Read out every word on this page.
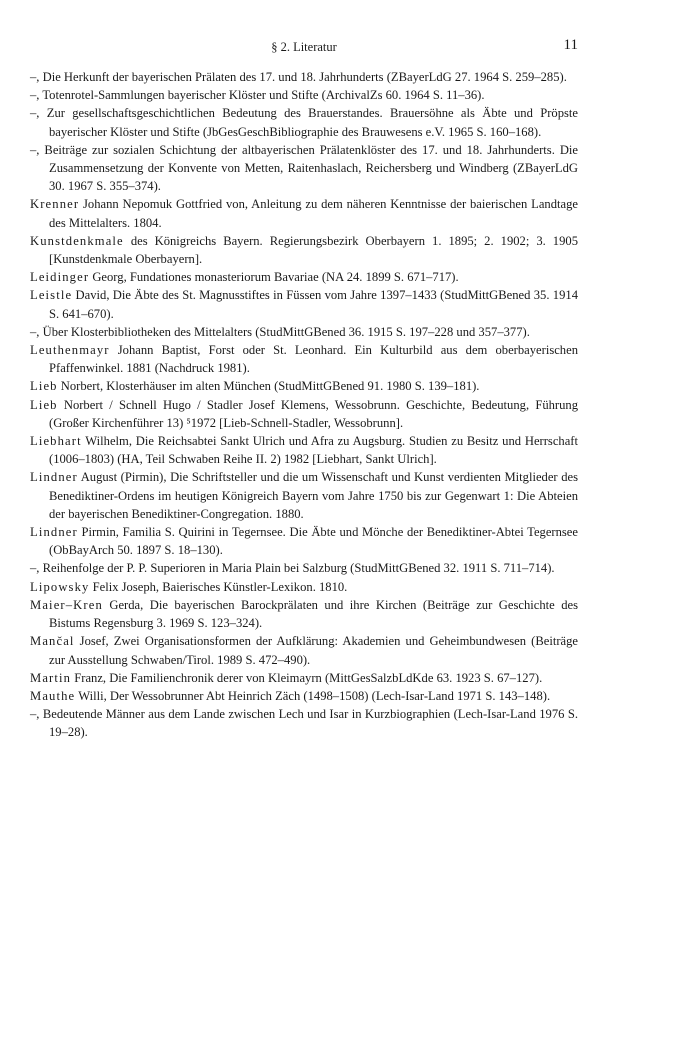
§ 2. Literatur	11
–, Die Herkunft der bayerischen Prälaten des 17. und 18. Jahrhunderts (ZBayerLdG 27. 1964 S. 259–285).
–, Totenrotel-Sammlungen bayerischer Klöster und Stifte (ArchivalZs 60. 1964 S. 11–36).
–, Zur gesellschaftsgeschichtlichen Bedeutung des Brauerstandes. Brauersöhne als Äbte und Pröpste bayerischer Klöster und Stifte (JbGesGeschBibliographie des Brauwesens e.V. 1965 S. 160–168).
–, Beiträge zur sozialen Schichtung der altbayerischen Prälatenklöster des 17. und 18. Jahrhunderts. Die Zusammensetzung der Konvente von Metten, Raitenhaslach, Reichersberg und Windberg (ZBayerLdG 30. 1967 S. 355–374).
Krenner Johann Nepomuk Gottfried von, Anleitung zu dem näheren Kenntnisse der baierischen Landtage des Mittelalters. 1804.
Kunstdenkmale des Königreichs Bayern. Regierungsbezirk Oberbayern 1. 1895; 2. 1902; 3. 1905 [Kunstdenkmale Oberbayern].
Leidinger Georg, Fundationes monasteriorum Bavariae (NA 24. 1899 S. 671–717).
Leistle David, Die Äbte des St. Magnusstiftes in Füssen vom Jahre 1397–1433 (StudMittGBened 35. 1914 S. 641–670).
–, Über Klosterbibliotheken des Mittelalters (StudMittGBened 36. 1915 S. 197–228 und 357–377).
Leuthenmayr Johann Baptist, Forst oder St. Leonhard. Ein Kulturbild aus dem oberbayerischen Pfaffenwinkel. 1881 (Nachdruck 1981).
Lieb Norbert, Klosterhäuser im alten München (StudMittGBened 91. 1980 S. 139–181).
Lieb Norbert / Schnell Hugo / Stadler Josef Klemens, Wessobrunn. Geschichte, Bedeutung, Führung (Großer Kirchenführer 13) ⁵1972 [Lieb-Schnell-Stadler, Wessobrunn].
Liebhart Wilhelm, Die Reichsabtei Sankt Ulrich und Afra zu Augsburg. Studien zu Besitz und Herrschaft (1006–1803) (HA, Teil Schwaben Reihe II. 2) 1982 [Liebhart, Sankt Ulrich].
Lindner August (Pirmin), Die Schriftsteller und die um Wissenschaft und Kunst verdienten Mitglieder des Benediktiner-Ordens im heutigen Königreich Bayern vom Jahre 1750 bis zur Gegenwart 1: Die Abteien der bayerischen Benediktiner-Congregation. 1880.
Lindner Pirmin, Familia S. Quirini in Tegernsee. Die Äbte und Mönche der Benediktiner-Abtei Tegernsee (ObBayArch 50. 1897 S. 18–130).
–, Reihenfolge der P. P. Superioren in Maria Plain bei Salzburg (StudMittGBened 32. 1911 S. 711–714).
Lipowsky Felix Joseph, Baierisches Künstler-Lexikon. 1810.
Maier–Kren Gerda, Die bayerischen Barockprälaten und ihre Kirchen (Beiträge zur Geschichte des Bistums Regensburg 3. 1969 S. 123–324).
Mančal Josef, Zwei Organisationsformen der Aufklärung: Akademien und Geheimbundwesen (Beiträge zur Ausstellung Schwaben/Tirol. 1989 S. 472–490).
Martin Franz, Die Familienchronik derer von Kleimayrn (MittGesSalzbLdKde 63. 1923 S. 67–127).
Mauthe Willi, Der Wessobrunner Abt Heinrich Zäch (1498–1508) (Lech-Isar-Land 1971 S. 143–148).
–, Bedeutende Männer aus dem Lande zwischen Lech und Isar in Kurzbiographien (Lech-Isar-Land 1976 S. 19–28).
